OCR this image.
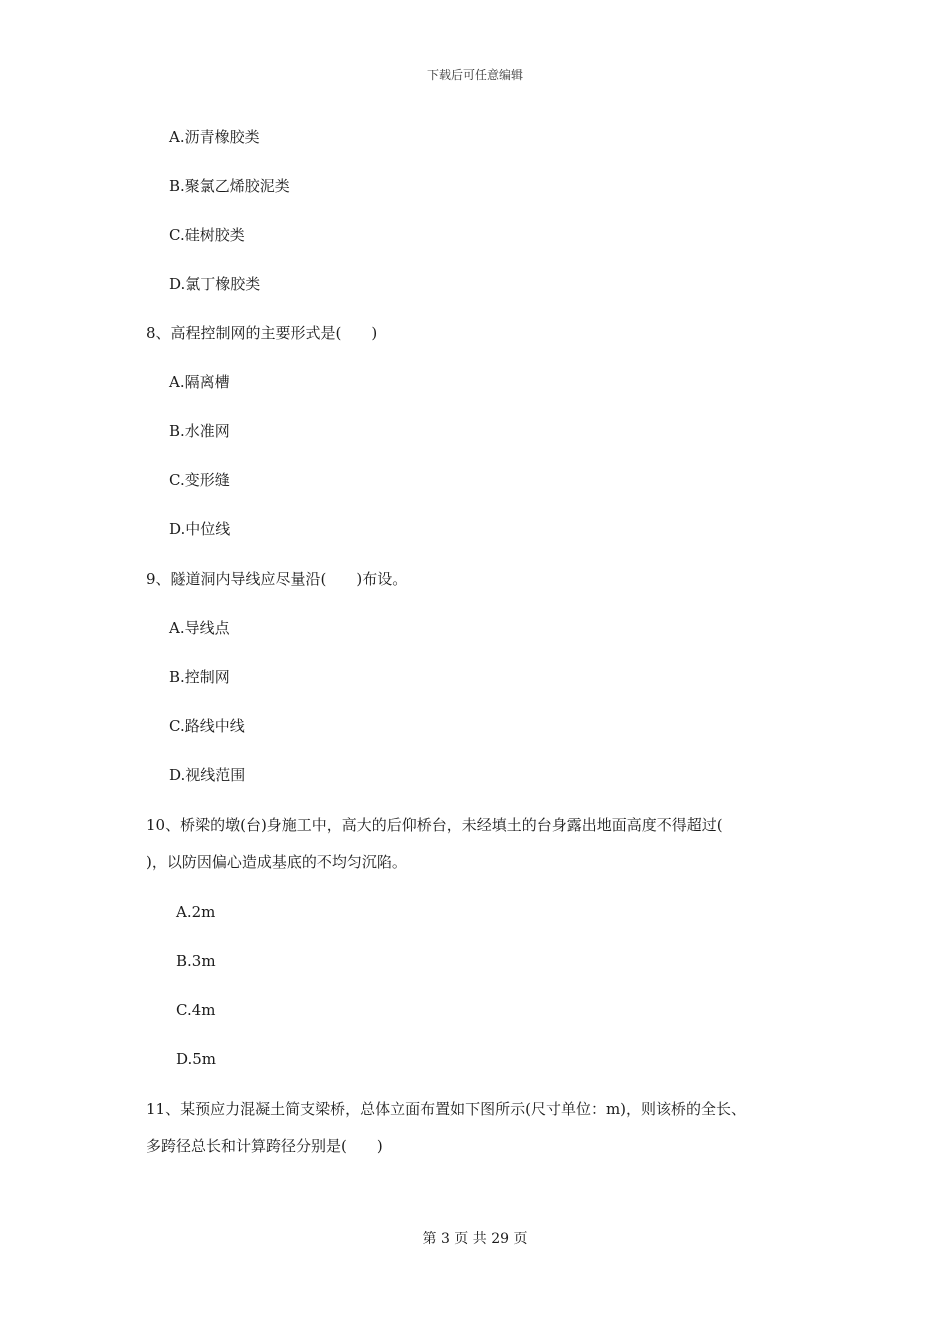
下载后可任意编辑
A.沥青橡胶类
B.聚氯乙烯胶泥类
C.硅树胶类
D.氯丁橡胶类
8、高程控制网的主要形式是(　　)
A.隔离槽
B.水准网
C.变形缝
D.中位线
9、隧道洞内导线应尽量沿(　　)布设。
A.导线点
B.控制网
C.路线中线
D.视线范围
10、桥梁的墩(台)身施工中，高大的后仰桥台，未经填土的台身露出地面高度不得超过(
)，以防因偏心造成基底的不均匀沉陷。
A.2m
B.3m
C.4m
D.5m
11、某预应力混凝土简支梁桥，总体立面布置如下图所示(尺寸单位：m)，则该桥的全长、
多跨径总长和计算跨径分别是(　　)
第 3 页 共 29 页
